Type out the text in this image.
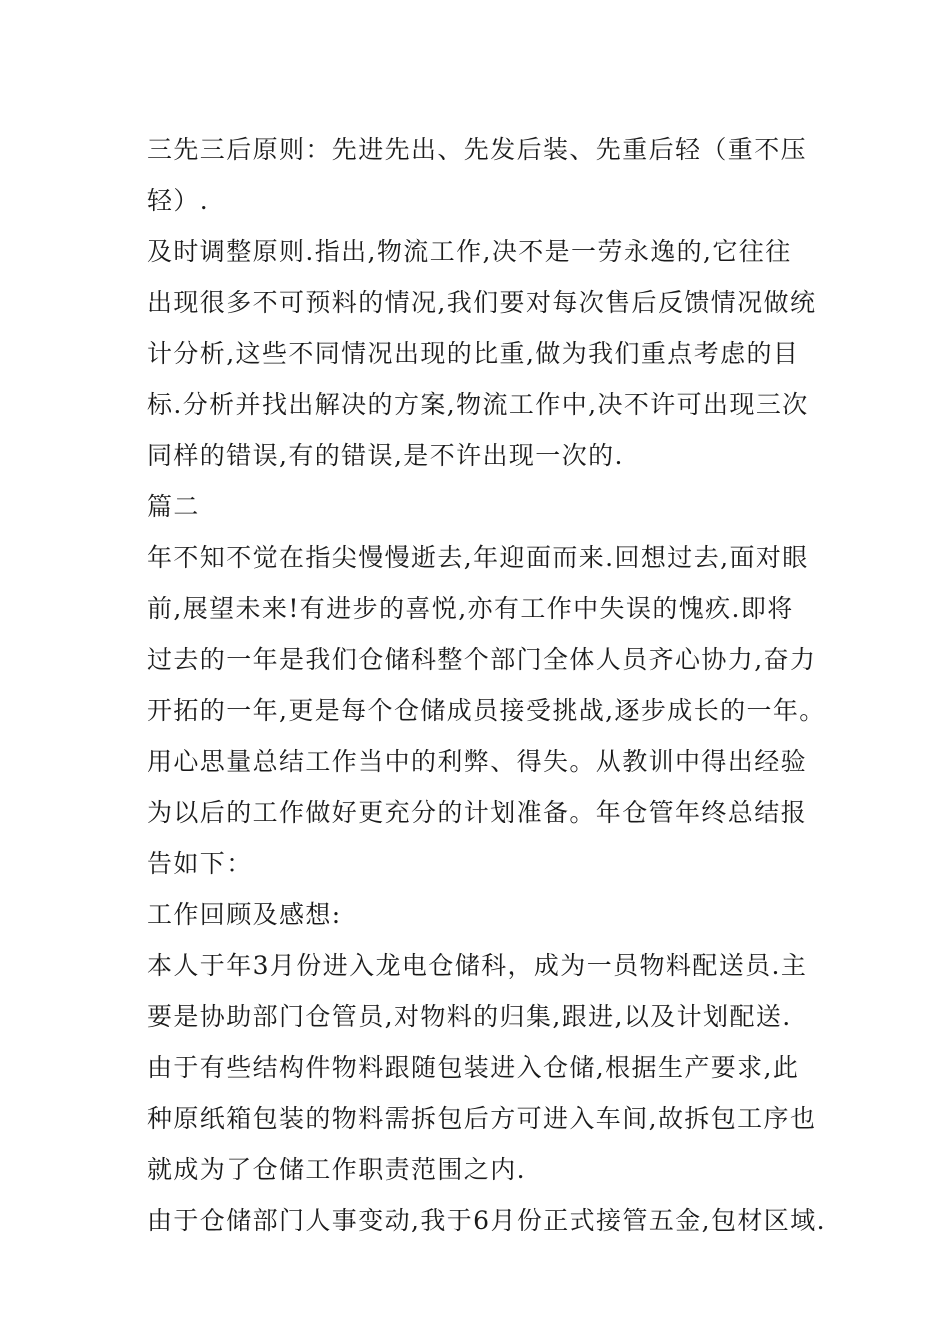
三先三后原则：先进先出、先发后装、先重后轻（重不压
轻）.
及时调整原则.指出,物流工作,决不是一劳永逸的,它往往
出现很多不可预料的情况,我们要对每次售后反馈情况做统
计分析,这些不同情况出现的比重,做为我们重点考虑的目
标.分析并找出解决的方案,物流工作中,决不许可出现三次
同样的错误,有的错误,是不许出现一次的.
篇二
年不知不觉在指尖慢慢逝去,年迎面而来.回想过去,面对眼
前,展望未来!有进步的喜悦,亦有工作中失误的愧疚.即将
过去的一年是我们仓储科整个部门全体人员齐心协力,奋力
开拓的一年,更是每个仓储成员接受挑战,逐步成长的一年。
用心思量总结工作当中的利弊、得失。从教训中得出经验
为以后的工作做好更充分的计划准备。年仓管年终总结报
告如下：
工作回顾及感想:
本人于年3月份进入龙电仓储科，成为一员物料配送员.主
要是协助部门仓管员,对物料的归集,跟进,以及计划配送.
由于有些结构件物料跟随包装进入仓储,根据生产要求,此
种原纸箱包装的物料需拆包后方可进入车间,故拆包工序也
就成为了仓储工作职责范围之内.
由于仓储部门人事变动,我于6月份正式接管五金,包材区域.
